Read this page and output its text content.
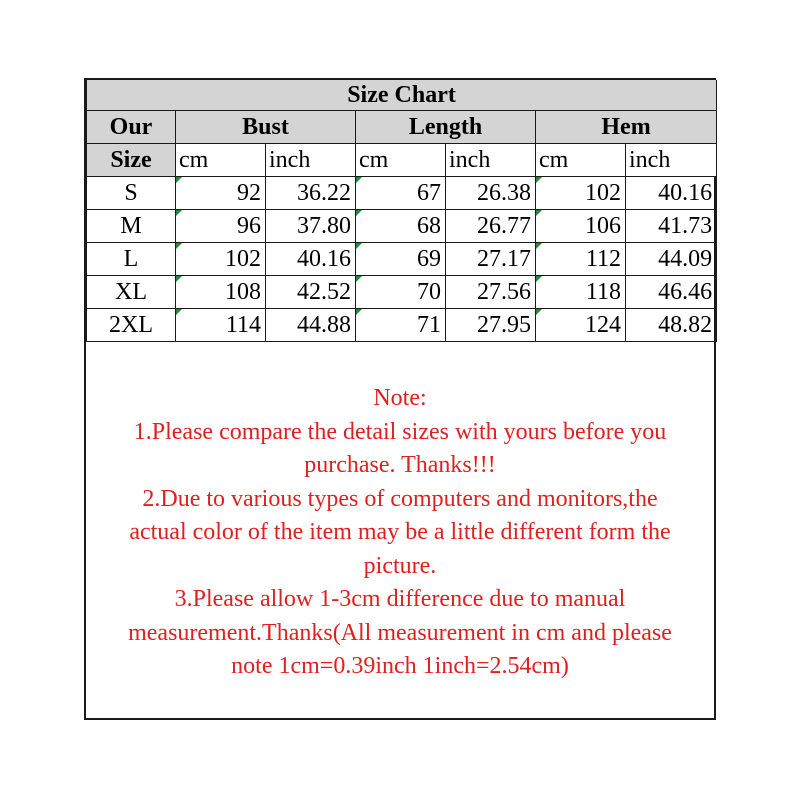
Size Chart						
Our	Bust		Length		Hem	
Size	cm	inch	cm	inch	cm	inch
S	92	36.22	67	26.38	102	40.16
M	96	37.80	68	26.77	106	41.73
L	102	40.16	69	27.17	112	44.09
XL	108	42.52	70	27.56	118	46.46
2XL	114	44.88	71	27.95	124	48.82
Note:
1.Please compare the detail sizes with yours before you
purchase. Thanks!!!
2.Due to various types of computers and monitors,the
actual color of the item may be a little different form the
picture.
3.Please allow 1-3cm difference due to manual
measurement.Thanks(All measurement in cm and please
note 1cm=0.39inch 1inch=2.54cm)
